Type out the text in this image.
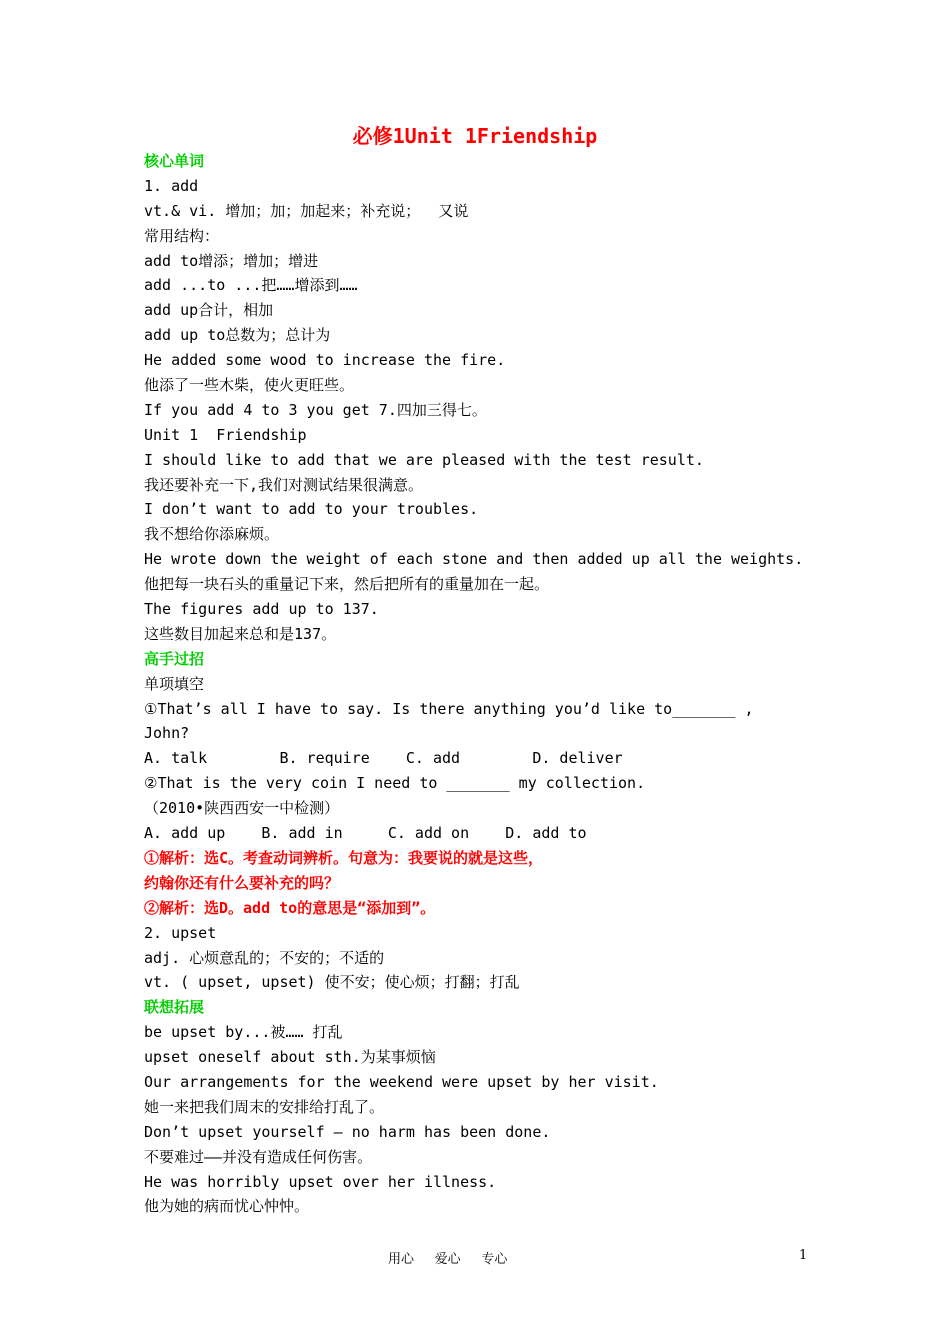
必修1Unit 1Friendship
核心单词
1. add
vt.& vi. 增加；加；加起来；补充说；  又说
常用结构：
add to增添；增加；增进
add ...to ...把……增添到……
add up合计，相加
add up to总数为；总计为
He added some wood to increase the fire.
他添了一些木柴，使火更旺些。
If you add 4 to 3 you get 7.四加三得七。
Unit 1  Friendship
I should like to add that we are pleased with the test result.
我还要补充一下,我们对测试结果很满意。
I don’t want to add to your troubles.
我不想给你添麻烦。
He wrote down the weight of each stone and then added up all the weights.
他把每一块石头的重量记下来，然后把所有的重量加在一起。
The figures add up to 137.
这些数目加起来总和是137。
高手过招
单项填空
①That’s all I have to say. Is there anything you’d like to_______ ,
John?
A. talk        B. require    C. add        D. deliver
②That is the very coin I need to _______ my collection.
（2010•陕西西安一中检测）
A. add up    B. add in     C. add on    D. add to
①解析：选C。考查动词辨析。句意为：我要说的就是这些，
约翰你还有什么要补充的吗？
②解析：选D。add to的意思是“添加到”。
2. upset
adj. 心烦意乱的；不安的；不适的
vt. ( upset, upset) 使不安；使心烦；打翻；打乱
联想拓展
be upset by...被…… 打乱
upset oneself about sth.为某事烦恼
Our arrangements for the weekend were upset by her visit.
她一来把我们周末的安排给打乱了。
Don’t upset yourself — no harm has been done.
不要难过——并没有造成任何伤害。
He was horribly upset over her illness.
他为她的病而忧心忡忡。
用心     爱心     专心	1
